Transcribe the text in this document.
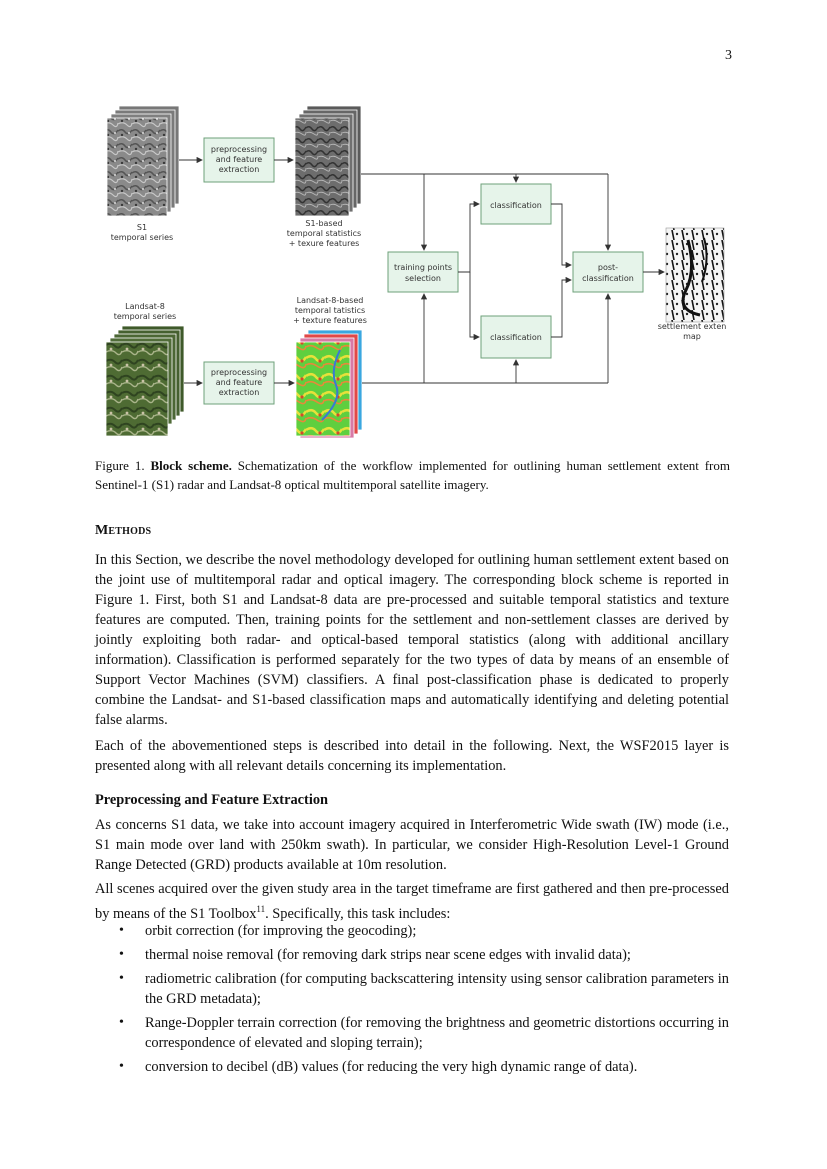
3
S1
temporal series
preprocessing
and feature
extraction
S1-based
temporal statistics
+ texure features
Landsat-8
temporal series
Landsat-8-based
temporal tatistics
+ texture features
preprocessing
and feature
extraction
training points
selection
classification
classification
post-
classification
settlement exten
map
Figure 1. Block scheme. Schematization of the workflow implemented for outlining human settlement extent from Sentinel-1 (S1) radar and Landsat-8 optical multitemporal satellite imagery.
Methods

In this Section, we describe the novel methodology developed for outlining human settlement extent based on the joint use of multitemporal radar and optical imagery. The corresponding block scheme is reported in Figure 1. First, both S1 and Landsat-8 data are pre-processed and suitable temporal statistics and texture features are computed. Then, training points for the settlement and non-settlement classes are derived by jointly exploiting both radar- and optical-based temporal statistics (along with additional ancillary information). Classification is performed separately for the two types of data by means of an ensemble of Support Vector Machines (SVM) classifiers. A final post-classification phase is dedicated to properly combine the Landsat- and S1-based classification maps and automatically identifying and deleting potential false alarms.

Each of the abovementioned steps is described into detail in the following. Next, the WSF2015 layer is presented along with all relevant details concerning its implementation.

Preprocessing and Feature Extraction

As concerns S1 data, we take into account imagery acquired in Interferometric Wide swath (IW) mode (i.e., S1 main mode over land with 250km swath). In particular, we consider High-Resolution Level-1 Ground Range Detected (GRD) products available at 10m resolution.

All scenes acquired over the given study area in the target timeframe are first gathered and then pre-processed by means of the S1 Toolbox$^{11}$. Specifically, this task includes:

• orbit correction (for improving the geocoding);
• thermal noise removal (for removing dark strips near scene edges with invalid data);
• radiometric calibration (for computing backscattering intensity using sensor calibration parameters in the GRD metadata);
• Range-Doppler terrain correction (for removing the brightness and geometric distortions occurring in correspondence of elevated and sloping terrain);
• conversion to decibel (dB) values (for reducing the very high dynamic range of data).
